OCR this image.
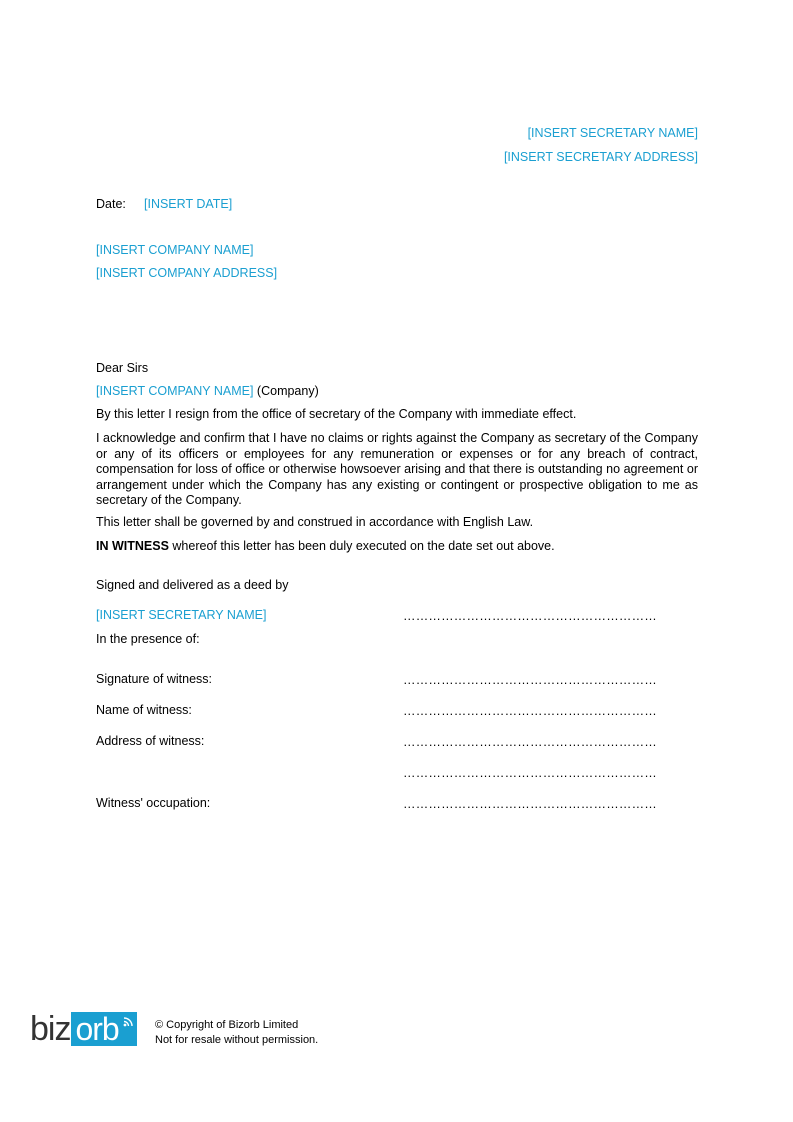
[INSERT SECRETARY NAME]
[INSERT SECRETARY ADDRESS]
Date: [INSERT DATE]
[INSERT COMPANY NAME]
[INSERT COMPANY ADDRESS]
Dear Sirs
[INSERT COMPANY NAME] (Company)
By this letter I resign from the office of secretary of the Company with immediate effect.
I acknowledge and confirm that I have no claims or rights against the Company as secretary of the Company or any of its officers or employees for any remuneration or expenses or for any breach of contract, compensation for loss of office or otherwise howsoever arising and that there is outstanding no agreement or arrangement under which the Company has any existing or contingent or prospective obligation to me as secretary of the Company.
This letter shall be governed by and construed in accordance with English Law.
IN WITNESS whereof this letter has been duly executed on the date set out above.
Signed and delivered as a deed by
[INSERT SECRETARY NAME]	……………………………………………………
In the presence of:
Signature of witness:	……………………………………………………
Name of witness:	……………………………………………………
Address of witness:	……………………………………………………
……………………………………………………
Witness' occupation:	……………………………………………………
biz orb	© Copyright of Bizorb Limited
Not for resale without permission.
